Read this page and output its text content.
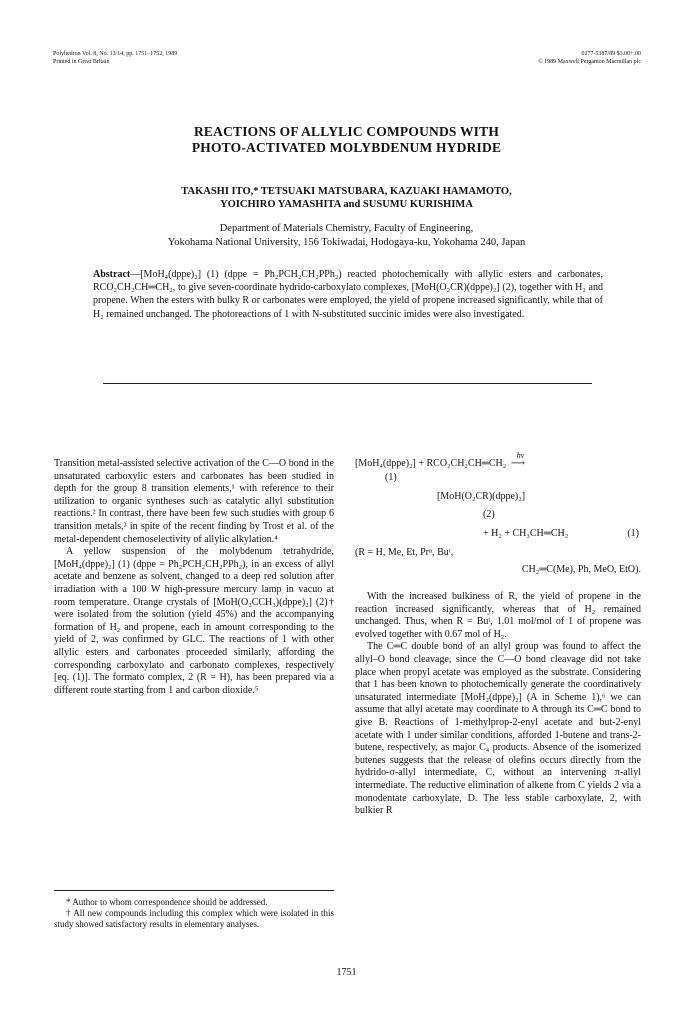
Polyhedron Vol. 8, No. 13/14, pp. 1751–1752, 1989
Printed in Great Britain
0277-5387/89 $3.00+.00
© 1989 Maxwell Pergamon Macmillan plc
REACTIONS OF ALLYLIC COMPOUNDS WITH
PHOTO-ACTIVATED MOLYBDENUM HYDRIDE
TAKASHI ITO,* TETSUAKI MATSUBARA, KAZUAKI HAMAMOTO,
YOICHIRO YAMASHITA and SUSUMU KURISHIMA
Department of Materials Chemistry, Faculty of Engineering,
Yokohama National University, 156 Tokiwadai, Hodogaya-ku, Yokohama 240, Japan
Abstract—[MoH₄(dppe)₂] (1) (dppe = Ph₂PCH₂CH₂PPh₂) reacted photochemically with allylic esters and carbonates, RCO₂CH₂CH═CH₂, to give seven-coordinate hydrido-carboxylato complexes, [MoH(O₂CR)(dppe)₂] (2), together with H₂ and propene. When the esters with bulky R or carbonates were employed, the yield of propene increased significantly, while that of H₂ remained unchanged. The photoreactions of 1 with N-substituted succinic imides were also investigated.

Transition metal-assisted selective activation of the C—O bond in the unsaturated carboxylic esters and carbonates has been studied in depth for the group 8 transition elements,¹ with reference to their utilization to organic syntheses such as catalytic allyl substitution reactions.² In contrast, there have been few such studies with group 6 transition metals,³ in spite of the recent finding by Trost et al. of the metal-dependent chemoselectivity of allylic alkylation.⁴

A yellow suspension of the molybdenum tetrahydride, [MoH₄(dppe)₂] (1) (dppe = Ph₂PCH₂CH₂PPh₂), in an excess of allyl acetate and benzene as solvent, changed to a deep red solution after irradiation with a 100 W high-pressure mercury lamp in vacuo at room temperature. Orange crystals of [MoH(O₂CCH₃)(dppe)₂] (2)† were isolated from the solution (yield 45%) and the accompanying formation of H₂ and propene, each in amount corresponding to the yield of 2, was confirmed by GLC. The reactions of 1 with other allylic esters and carbonates proceeded similarly, affording the corresponding carboxylato and carbonato complexes, respectively [eq. (1)]. The formato complex, 2 (R = H), has been prepared via a different route starting from 1 and carbon dioxide.⁵

* Author to whom correspondence should be addressed.

† All new compounds including this complex which were isolated in this study showed satisfactory results in elementary analyses.

[MoH₄(dppe)₂] + RCO₂CH₂CH═CH₂
hν
⟶
(1)
[MoH(O₂CR)(dppe)₂]
(2)
+ H₂ + CH₃CH═CH₂	(1)
(R = H, Me, Et, Prⁿ, Buᵗ,
CH₂═C(Me), Ph, MeO, EtO).

With the increased bulkiness of R, the yield of propene in the reaction increased significantly, whereas that of H₂ remained unchanged. Thus, when R = Buᵗ, 1.01 mol/mol of 1 of propene was evolved together with 0.67 mol of H₂.

The C═C double bond of an allyl group was found to affect the allyl–O bond cleavage, since the C—O bond cleavage did not take place when propyl acetate was employed as the substrate. Considering that 1 has been known to photochemically generate the coordinatively unsaturated intermediate [MoH₂(dppe)₂] (A in Scheme 1),⁶ we can assume that allyl acetate may coordinate to A through its C═C bond to give B. Reactions of 1-methylprop-2-enyl acetate and but-2-enyl acetate with 1 under similar conditions, afforded 1-butene and trans-2-butene, respectively, as major C₄ products. Absence of the isomerized butenes suggests that the release of olefins occurs directly from the hydrido-σ-allyl intermediate, C, without an intervening π-allyl intermediate. The reductive elimination of alkene from C yields 2 via a monodentate carboxylate, D. The less stable carboxylate, 2, with bulkier R

1751
